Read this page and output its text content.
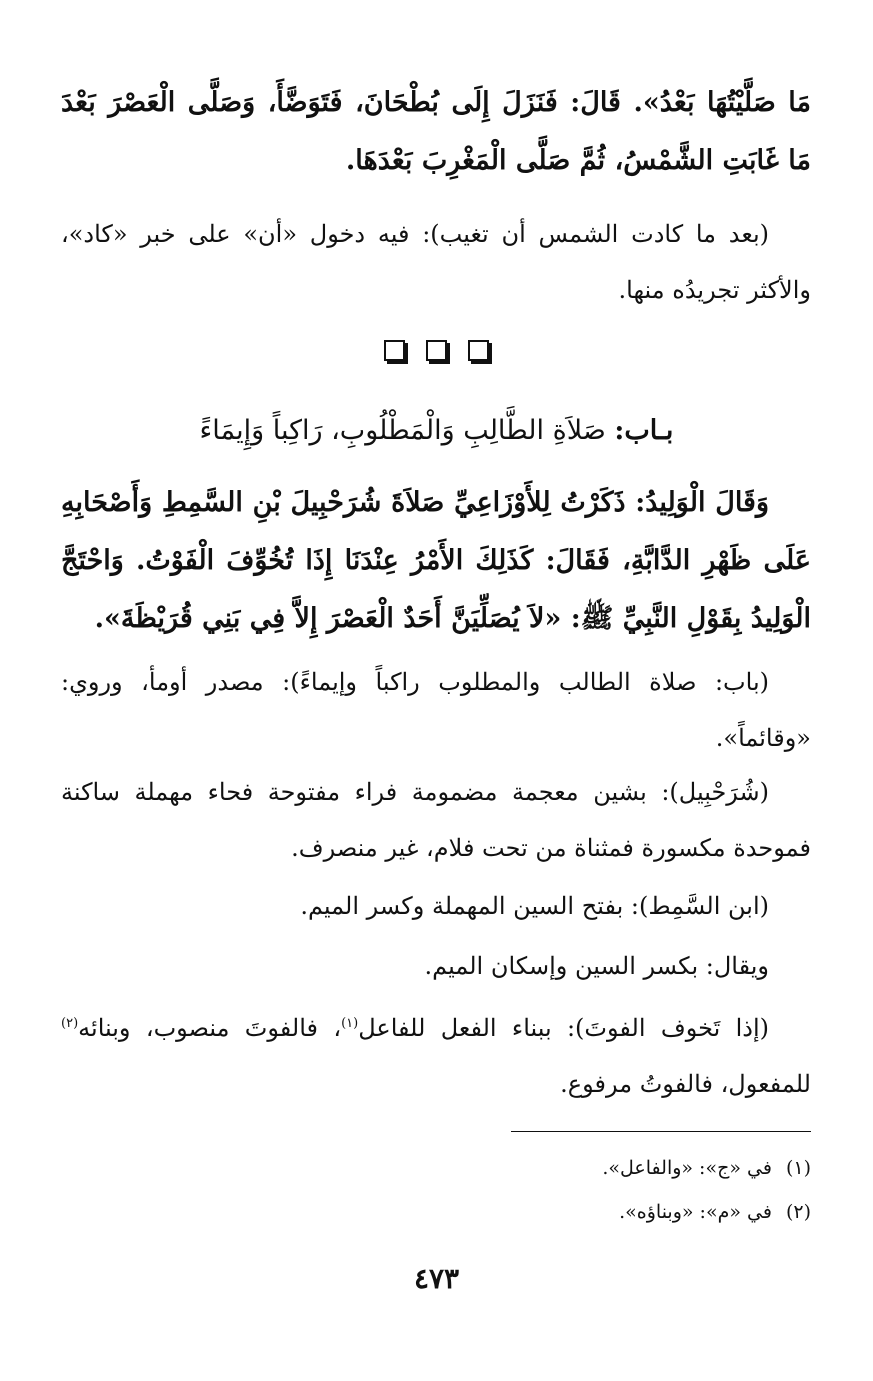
مَا صَلَّيْتُهَا بَعْدُ». قَالَ: فَنَزَلَ إِلَى بُطْحَانَ، فَتَوَضَّأَ، وَصَلَّى الْعَصْرَ بَعْدَ مَا غَابَتِ الشَّمْسُ، ثُمَّ صَلَّى الْمَغْرِبَ بَعْدَهَا.

(بعد ما كادت الشمس أن تغيب): فيه دخول «أن» على خبر «كاد»، والأكثر تجريدُه منها.

بـاب: صَلاَةِ الطَّالِبِ وَالْمَطْلُوبِ، رَاكِباً وَإِيمَاءً

وَقَالَ الْوَلِيدُ: ذَكَرْتُ لِلأَوْزَاعِيِّ صَلاَةَ شُرَحْبِيلَ بْنِ السَّمِطِ وَأَصْحَابِهِ عَلَى ظَهْرِ الدَّابَّةِ، فَقَالَ: كَذَلِكَ الأَمْرُ عِنْدَنَا إِذَا تُخُوِّفَ الْفَوْتُ. وَاحْتَجَّ الْوَلِيدُ بِقَوْلِ النَّبِيِّ ﷺ: «لاَ يُصَلِّيَنَّ أَحَدٌ الْعَصْرَ إِلاَّ فِي بَنِي قُرَيْظَةَ».

(باب: صلاة الطالب والمطلوب راكباً وإيماءً): مصدر أومأ، وروي: «وقائماً».

(شُرَحْبِيل): بشين معجمة مضمومة فراء مفتوحة فحاء مهملة ساكنة فموحدة مكسورة فمثناة من تحت فلام، غير منصرف.

(ابن السَّمِط): بفتح السين المهملة وكسر الميم.

ويقال: بكسر السين وإسكان الميم.

(إذا تَخوف الفوتَ): ببناء الفعل للفاعل$^{(١)}$، فالفوتَ منصوب، وبنائه$^{(٢)}$ للمفعول، فالفوتُ مرفوع.

(١)في «ج»: «والفاعل».
(٢)في «م»: «وبناؤه».
٤٧٣
